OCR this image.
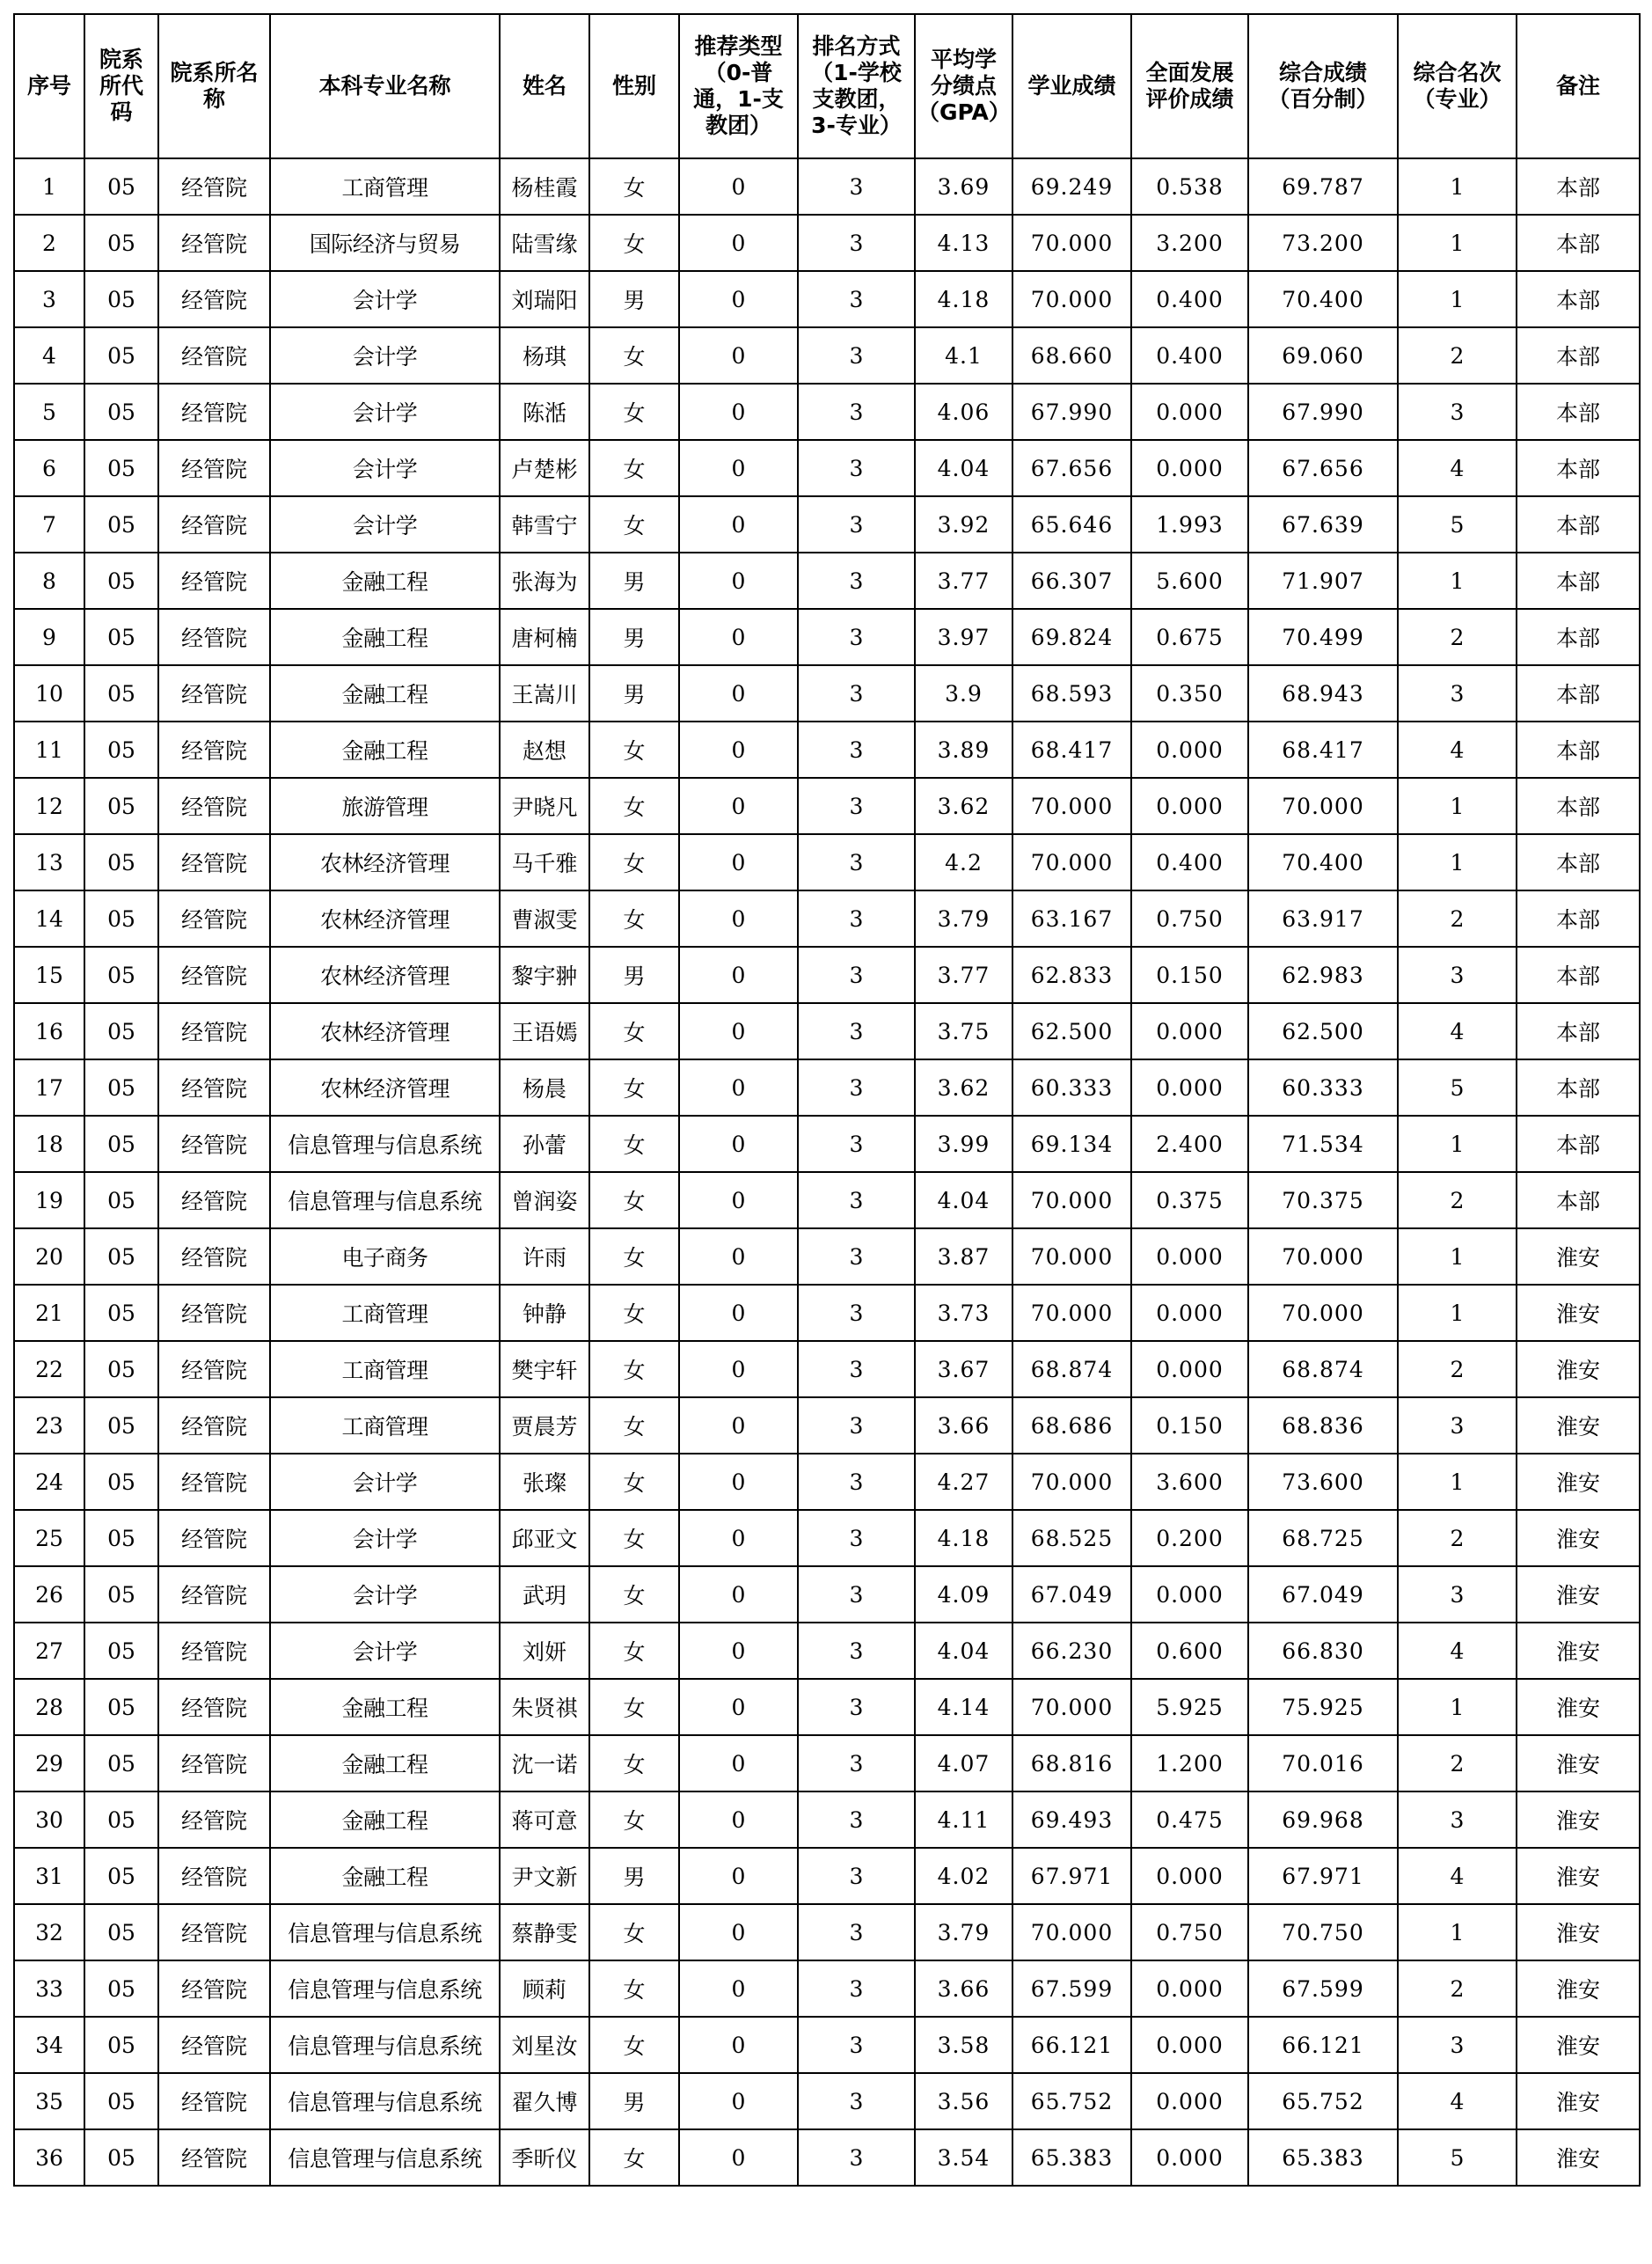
序号	院系
所代
码	院系所名
称	本科专业名称	姓名	性别	推荐类型
（0-普
通，1-支
教团）	排名方式
（1-学校
支教团，
3-专业）	平均学
分绩点
（GPA）	学业成绩	全面发展
评价成绩	综合成绩
（百分制）	综合名次
（专业）	备注
1	05	经管院	工商管理	杨桂霞	女	0	3	3.69	69.249	0.538	69.787	1	本部
2	05	经管院	国际经济与贸易	陆雪缘	女	0	3	4.13	70.000	3.200	73.200	1	本部
3	05	经管院	会计学	刘瑞阳	男	0	3	4.18	70.000	0.400	70.400	1	本部
4	05	经管院	会计学	杨琪	女	0	3	4.1	68.660	0.400	69.060	2	本部
5	05	经管院	会计学	陈湉	女	0	3	4.06	67.990	0.000	67.990	3	本部
6	05	经管院	会计学	卢楚彬	女	0	3	4.04	67.656	0.000	67.656	4	本部
7	05	经管院	会计学	韩雪宁	女	0	3	3.92	65.646	1.993	67.639	5	本部
8	05	经管院	金融工程	张海为	男	0	3	3.77	66.307	5.600	71.907	1	本部
9	05	经管院	金融工程	唐柯楠	男	0	3	3.97	69.824	0.675	70.499	2	本部
10	05	经管院	金融工程	王嵩川	男	0	3	3.9	68.593	0.350	68.943	3	本部
11	05	经管院	金融工程	赵想	女	0	3	3.89	68.417	0.000	68.417	4	本部
12	05	经管院	旅游管理	尹晓凡	女	0	3	3.62	70.000	0.000	70.000	1	本部
13	05	经管院	农林经济管理	马千雅	女	0	3	4.2	70.000	0.400	70.400	1	本部
14	05	经管院	农林经济管理	曹淑雯	女	0	3	3.79	63.167	0.750	63.917	2	本部
15	05	经管院	农林经济管理	黎宇翀	男	0	3	3.77	62.833	0.150	62.983	3	本部
16	05	经管院	农林经济管理	王语嫣	女	0	3	3.75	62.500	0.000	62.500	4	本部
17	05	经管院	农林经济管理	杨晨	女	0	3	3.62	60.333	0.000	60.333	5	本部
18	05	经管院	信息管理与信息系统	孙蕾	女	0	3	3.99	69.134	2.400	71.534	1	本部
19	05	经管院	信息管理与信息系统	曾润姿	女	0	3	4.04	70.000	0.375	70.375	2	本部
20	05	经管院	电子商务	许雨	女	0	3	3.87	70.000	0.000	70.000	1	淮安
21	05	经管院	工商管理	钟静	女	0	3	3.73	70.000	0.000	70.000	1	淮安
22	05	经管院	工商管理	樊宇轩	女	0	3	3.67	68.874	0.000	68.874	2	淮安
23	05	经管院	工商管理	贾晨芳	女	0	3	3.66	68.686	0.150	68.836	3	淮安
24	05	经管院	会计学	张璨	女	0	3	4.27	70.000	3.600	73.600	1	淮安
25	05	经管院	会计学	邱亚文	女	0	3	4.18	68.525	0.200	68.725	2	淮安
26	05	经管院	会计学	武玥	女	0	3	4.09	67.049	0.000	67.049	3	淮安
27	05	经管院	会计学	刘妍	女	0	3	4.04	66.230	0.600	66.830	4	淮安
28	05	经管院	金融工程	朱贤祺	女	0	3	4.14	70.000	5.925	75.925	1	淮安
29	05	经管院	金融工程	沈一诺	女	0	3	4.07	68.816	1.200	70.016	2	淮安
30	05	经管院	金融工程	蒋可意	女	0	3	4.11	69.493	0.475	69.968	3	淮安
31	05	经管院	金融工程	尹文新	男	0	3	4.02	67.971	0.000	67.971	4	淮安
32	05	经管院	信息管理与信息系统	蔡静雯	女	0	3	3.79	70.000	0.750	70.750	1	淮安
33	05	经管院	信息管理与信息系统	顾莉	女	0	3	3.66	67.599	0.000	67.599	2	淮安
34	05	经管院	信息管理与信息系统	刘星汝	女	0	3	3.58	66.121	0.000	66.121	3	淮安
35	05	经管院	信息管理与信息系统	翟久博	男	0	3	3.56	65.752	0.000	65.752	4	淮安
36	05	经管院	信息管理与信息系统	季昕仪	女	0	3	3.54	65.383	0.000	65.383	5	淮安
